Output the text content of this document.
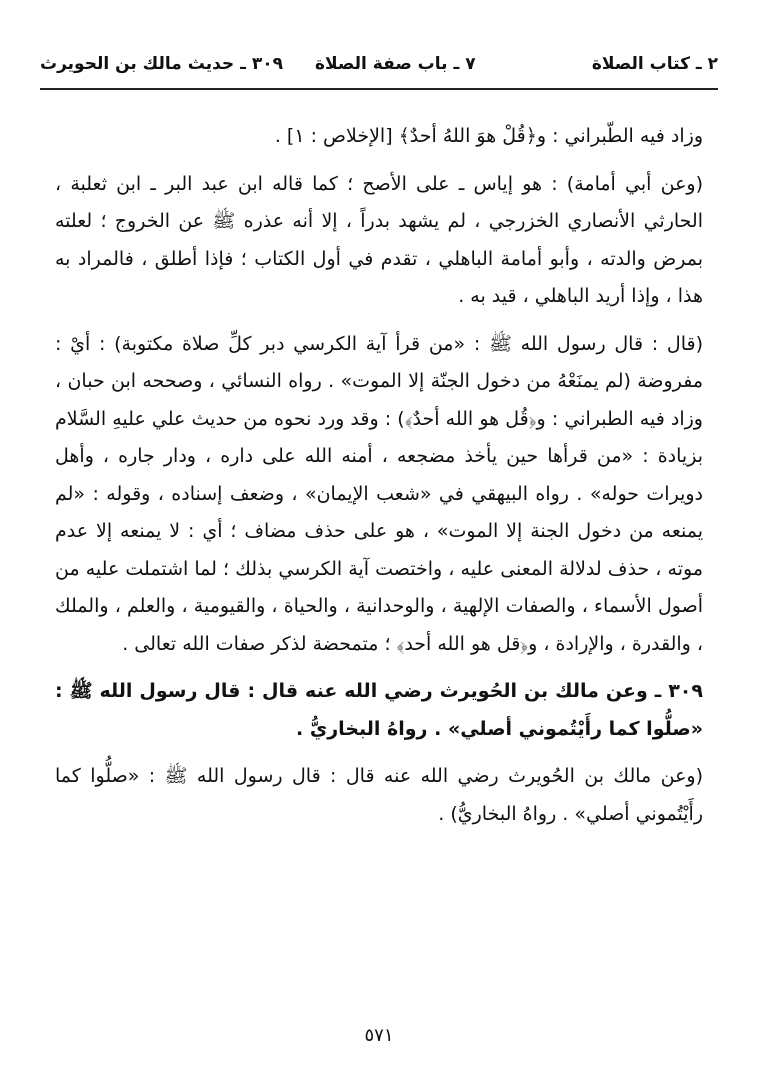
٢ ـ كتاب الصلاة
٧ ـ باب صفة الصلاة
٣٠٩ ـ حديث مالك بن الحويرث

وزاد فيه الطّبراني : و﴿قُلْ هوَ اللهُ أحدٌ﴾ [الإخلاص : ١] .

(وعن أبي أمامة) : هو إياس ـ على الأصح ؛ كما قاله ابن عبد البر ـ ابن ثعلبة ، الحارثي الأنصاري الخزرجي ، لم يشهد بدراً ، إلا أنه عذره ﷺ عن الخروج ؛ لعلته بمرض والدته ، وأبو أمامة الباهلي ، تقدم في أول الكتاب ؛ فإذا أطلق ، فالمراد به هذا ، وإذا أريد الباهلي ، قيد به .

(قال : قال رسول الله ﷺ : «من قرأ آية الكرسي دبر كلِّ صلاة مكتوبة) : أيْ : مفروضة (لم يمنَعْهُ من دخول الجنّة إلا الموت» . رواه النسائي ، وصححه ابن حبان ، وزاد فيه الطبراني : و﴿قُل هو الله أحدٌ﴾) : وقد ورد نحوه من حديث علي عليهِ السَّلام بزيادة : «من قرأها حين يأخذ مضجعه ، أمنه الله على داره ، ودار جاره ، وأهل دويرات حوله» . رواه البيهقي في «شعب الإيمان» ، وضعف إسناده ، وقوله : «لم يمنعه من دخول الجنة إلا الموت» ، هو على حذف مضاف ؛ أي : لا يمنعه إلا عدم موته ، حذف لدلالة المعنى عليه ، واختصت آية الكرسي بذلك ؛ لما اشتملت عليه من أصول الأسماء ، والصفات الإلهية ، والوحدانية ، والحياة ، والقيومية ، والعلم ، والملك ، والقدرة ، والإرادة ، و﴿قل هو الله أحد﴾ ؛ متمحضة لذكر صفات الله تعالى .

٣٠٩ ـ وعن مالك بن الحُويرث رضي الله عنه قال : قال رسول الله ﷺ : «صلُّوا كما رأَيْتُموني أصلي» . رواهُ البخاريُّ .

(وعن مالك بن الحُويرث رضي الله عنه قال : قال رسول الله ﷺ : «صلُّوا كما رأَيْتُموني أصلي» . رواهُ البخاريُّ) .

٥٧١
